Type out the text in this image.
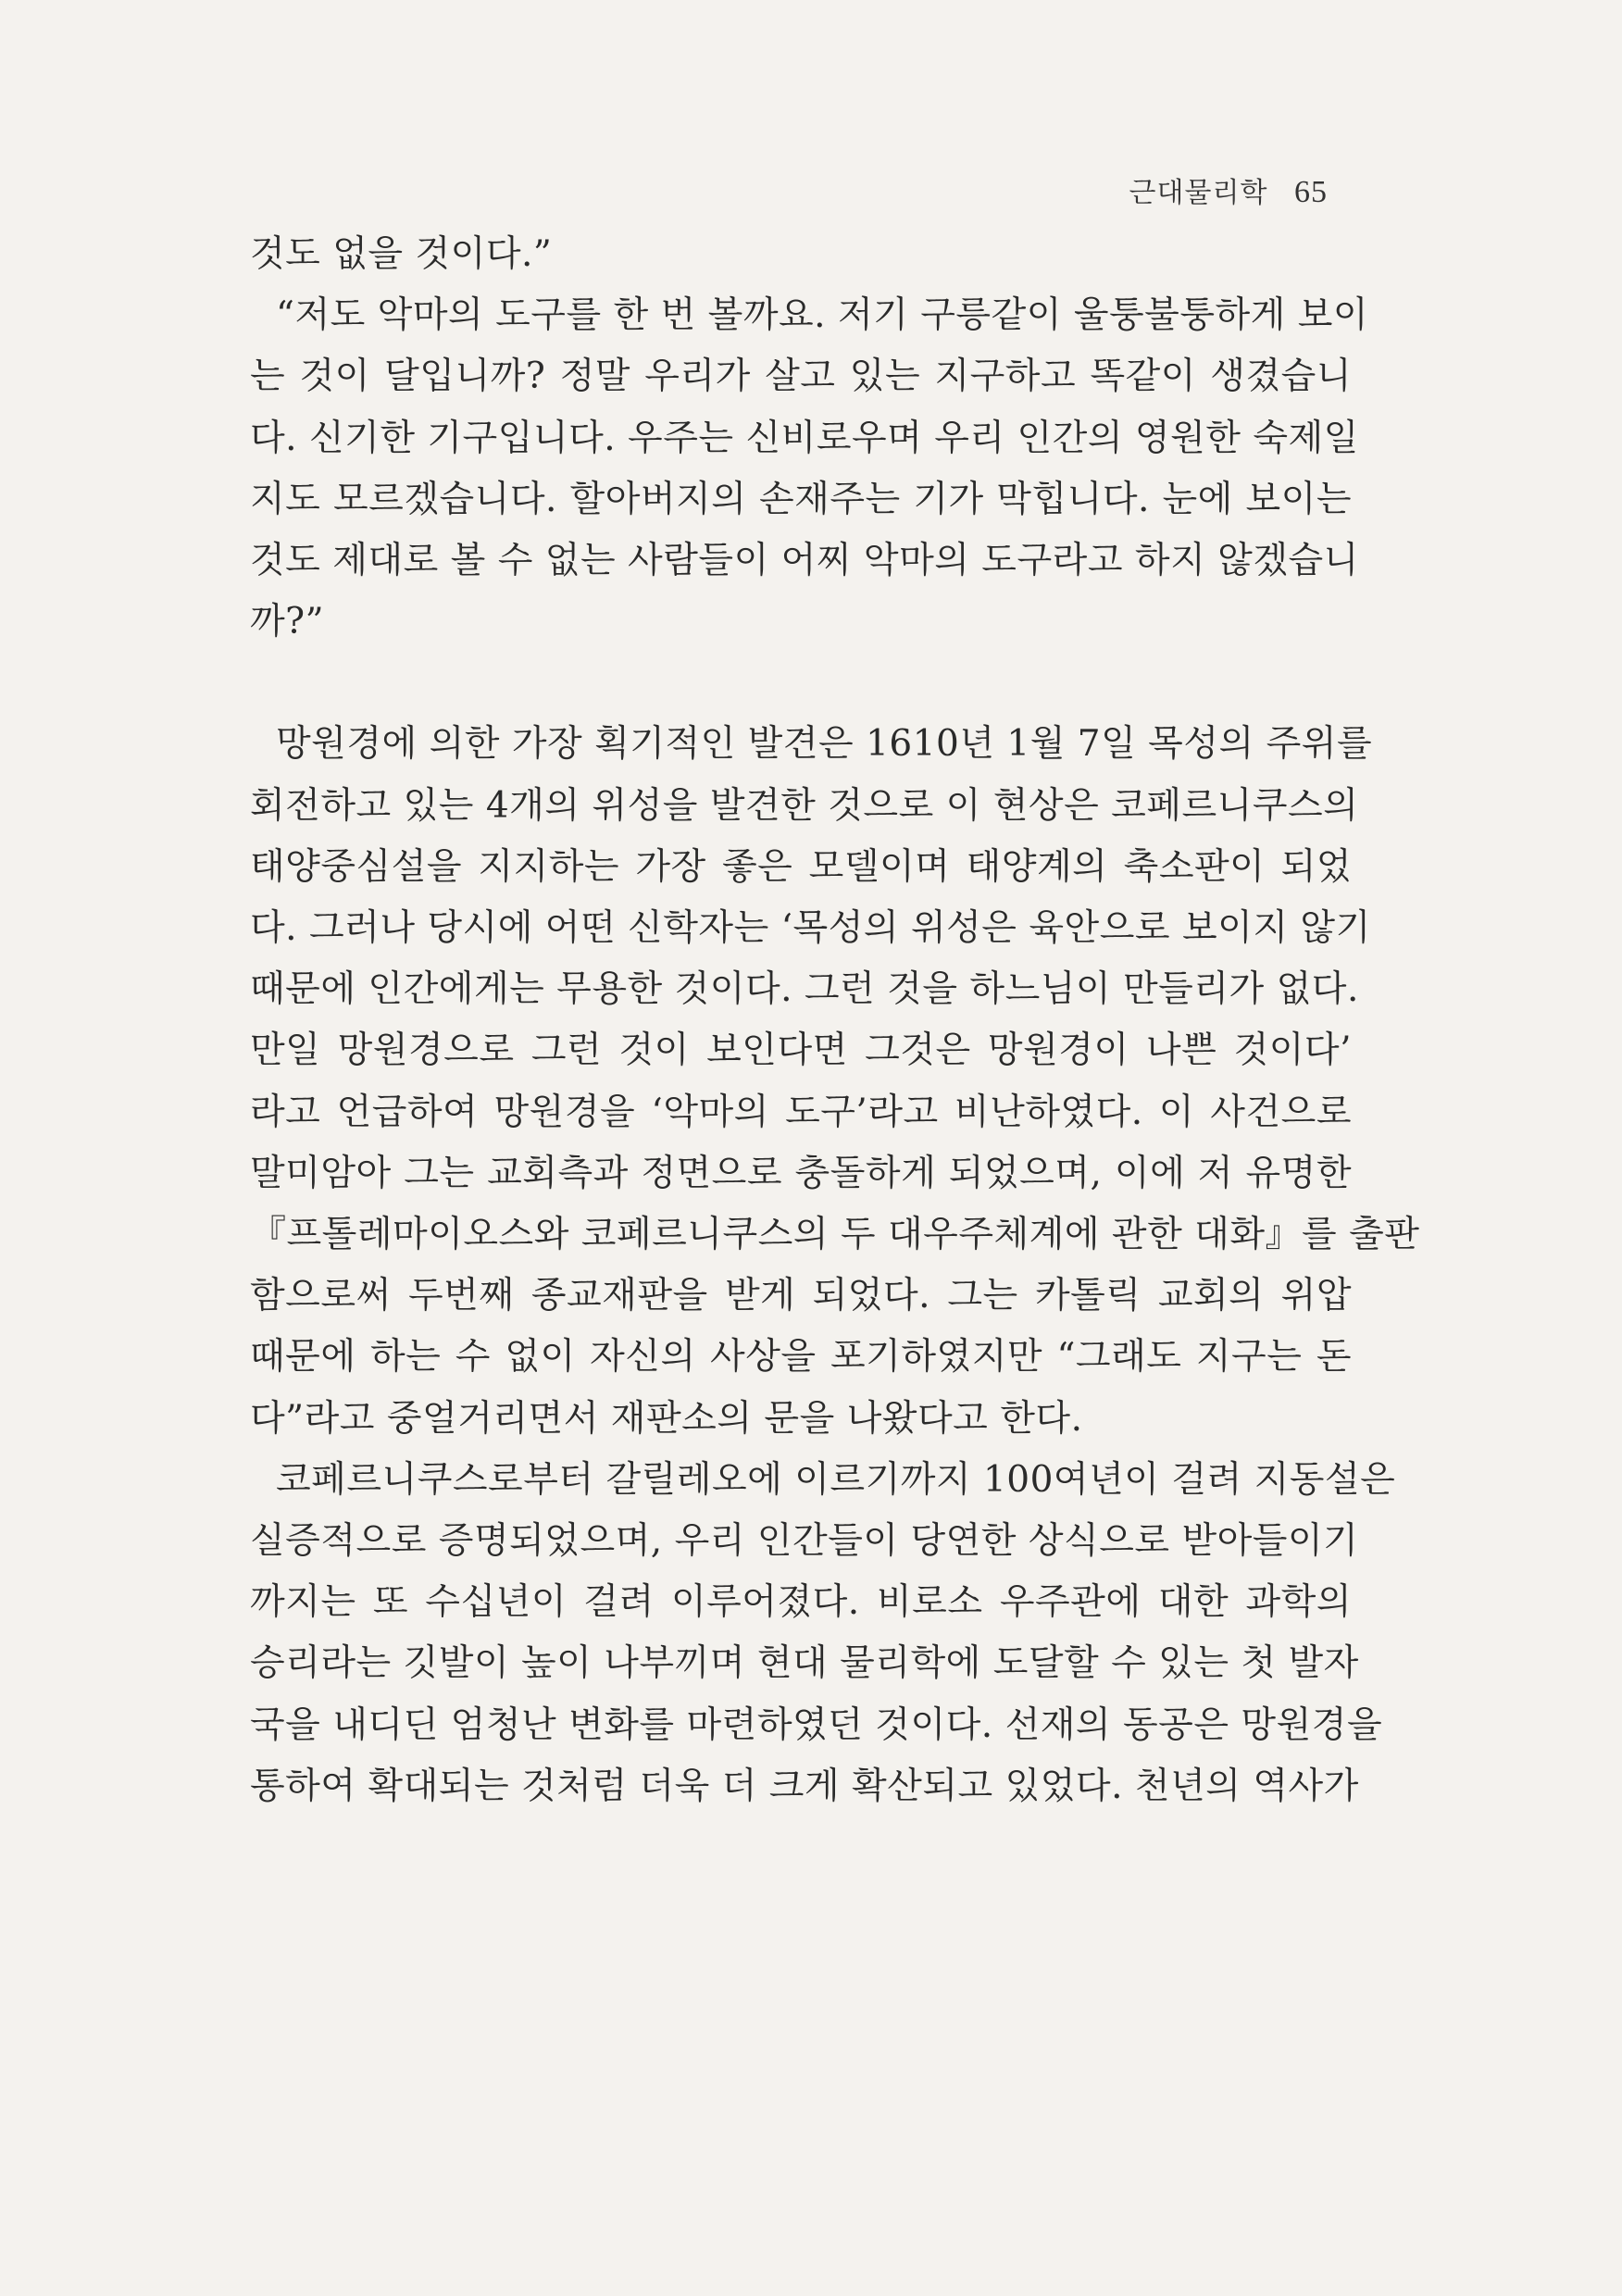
근대물리학 65

것도 없을 것이다.”

“저도 악마의 도구를 한 번 볼까요. 저기 구릉같이 울퉁불퉁하게 보이
는 것이 달입니까? 정말 우리가 살고 있는 지구하고 똑같이 생겼습니
다. 신기한 기구입니다. 우주는 신비로우며 우리 인간의 영원한 숙제일
지도 모르겠습니다. 할아버지의 손재주는 기가 막힙니다. 눈에 보이는
것도 제대로 볼 수 없는 사람들이 어찌 악마의 도구라고 하지 않겠습니
까?”

망원경에 의한 가장 획기적인 발견은 1610년 1월 7일 목성의 주위를
회전하고 있는 4개의 위성을 발견한 것으로 이 현상은 코페르니쿠스의
태양중심설을 지지하는 가장 좋은 모델이며 태양계의 축소판이 되었
다. 그러나 당시에 어떤 신학자는 ‘목성의 위성은 육안으로 보이지 않기
때문에 인간에게는 무용한 것이다. 그런 것을 하느님이 만들리가 없다.
만일 망원경으로 그런 것이 보인다면 그것은 망원경이 나쁜 것이다’
라고 언급하여 망원경을 ‘악마의 도구’라고 비난하였다. 이 사건으로
말미암아 그는 교회측과 정면으로 충돌하게 되었으며, 이에 저 유명한
『프톨레마이오스와 코페르니쿠스의 두 대우주체계에 관한 대화』를 출판
함으로써 두번째 종교재판을 받게 되었다. 그는 카톨릭 교회의 위압
때문에 하는 수 없이 자신의 사상을 포기하였지만 “그래도 지구는 돈
다”라고 중얼거리면서 재판소의 문을 나왔다고 한다.

코페르니쿠스로부터 갈릴레오에 이르기까지 100여년이 걸려 지동설은
실증적으로 증명되었으며, 우리 인간들이 당연한 상식으로 받아들이기
까지는 또 수십년이 걸려 이루어졌다. 비로소 우주관에 대한 과학의
승리라는 깃발이 높이 나부끼며 현대 물리학에 도달할 수 있는 첫 발자
국을 내디딘 엄청난 변화를 마련하였던 것이다. 선재의 동공은 망원경을
통하여 확대되는 것처럼 더욱 더 크게 확산되고 있었다. 천년의 역사가
